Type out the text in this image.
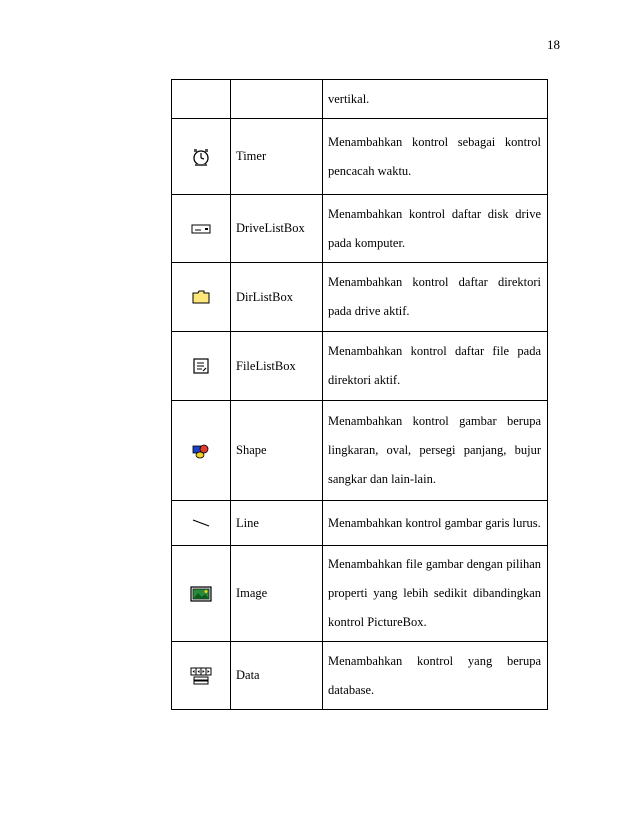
18

		vertikal.

	Timer	Menambahkan kontrol sebagai kontrol
pencacah waktu.

	DriveListBox	Menambahkan kontrol daftar disk drive
pada komputer.

	DirListBox	Menambahkan kontrol daftar direktori
pada drive aktif.

	FileListBox	Menambahkan kontrol daftar file pada
direktori aktif.

	Shape	Menambahkan kontrol gambar berupa
lingkaran, oval, persegi panjang, bujur
sangkar dan lain-lain.

	Line	Menambahkan kontrol gambar garis lurus.

	Image	Menambahkan file gambar dengan pilihan
properti yang lebih sedikit dibandingkan
kontrol PictureBox.

	Data	Menambahkan kontrol yang berupa
database.
